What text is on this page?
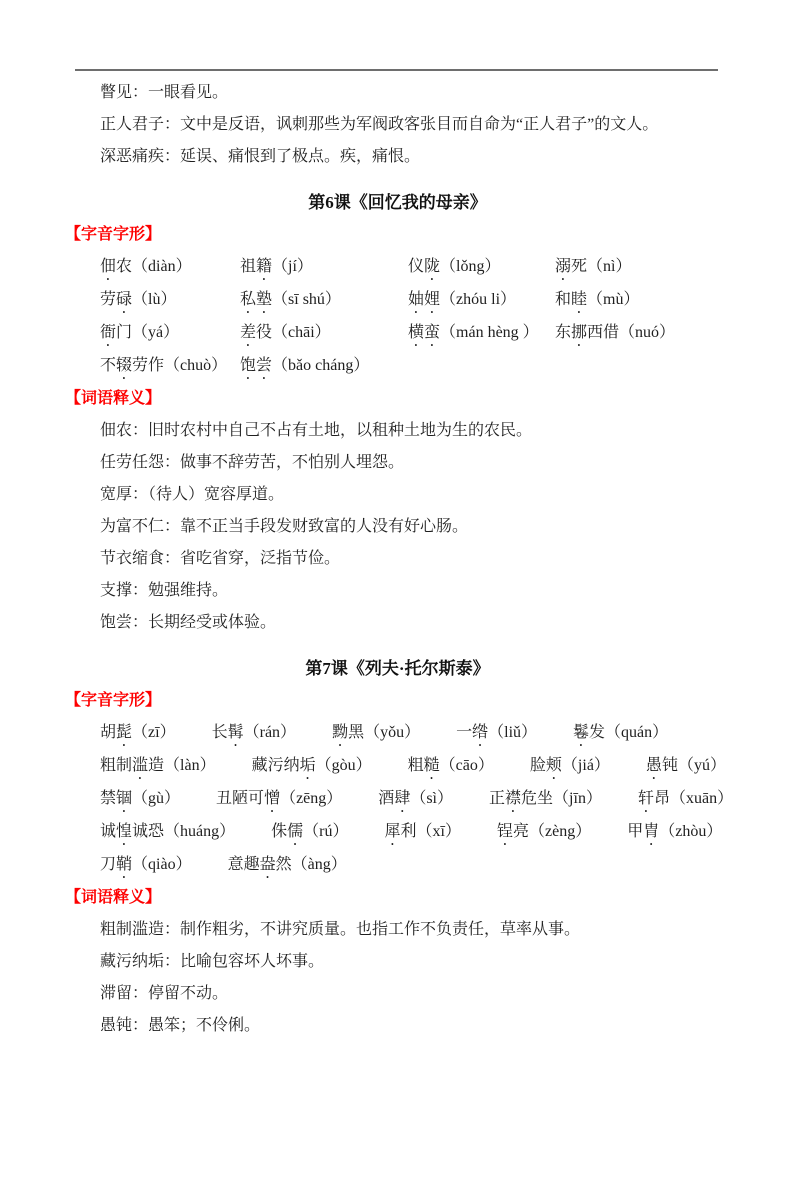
瞥见：一眼看见。

正人君子：文中是反语，讽刺那些为军阀政客张目而自命为“正人君子”的文人。

深恶痛疾：延误、痛恨到了极点。疾，痛恨。

第6课《回忆我的母亲》
【字音字形】
佃农（diàn）	祖籍（jí）	仪陇（lǒng）	溺死（nì）
劳碌（lù）	私塾（sī shú）	妯娌（zhóu li）	和睦（mù）
衙门（yá）	差役（chāi）	横蛮（mán hèng ）	东挪西借（nuó）
不辍劳作（chuò） 饱尝（bǎo cháng）
【词语释义】

佃农：旧时农村中自己不占有土地，以租种土地为生的农民。

任劳任怨：做事不辞劳苦，不怕别人埋怨。

宽厚：（待人）宽容厚道。

为富不仁：靠不正当手段发财致富的人没有好心肠。

节衣缩食：省吃省穿，泛指节俭。

支撑：勉强维持。

饱尝：长期经受或体验。

第7课《列夫·托尔斯泰》
【字音字形】
胡髭（zī） 长髯（rán） 黝黑（yǒu） 一绺（liǔ） 鬈发（quán）
粗制滥造（làn） 藏污纳垢（gòu） 粗糙（cāo） 脸颊（jiá） 愚钝（yú）
禁锢（gù） 丑陋可憎（zēng） 酒肆（sì） 正襟危坐（jīn） 轩昂（xuān）
诚惶诚恐（huáng） 侏儒（rú） 犀利（xī） 锃亮（zèng） 甲胄（zhòu）
刀鞘（qiào） 意趣盎然（àng）
【词语释义】

粗制滥造：制作粗劣，不讲究质量。也指工作不负责任，草率从事。

藏污纳垢：比喻包容坏人坏事。

滞留：停留不动。

愚钝：愚笨；不伶俐。
